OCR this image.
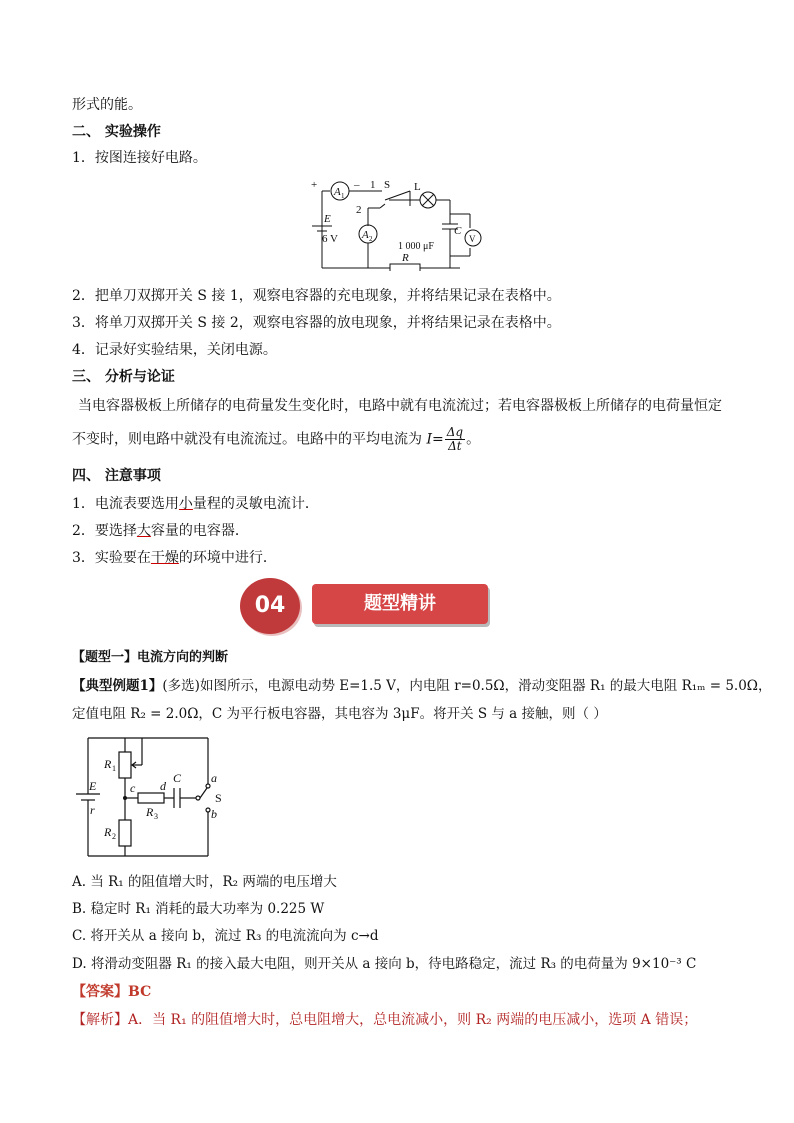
形式的能。
二、 实验操作
1．按图连接好电路。
+
A 1
– 1 S
2
L
E
6 V A 2
C
V
1 000 μF
R
2．把单刀双掷开关 S 接 1，观察电容器的充电现象，并将结果记录在表格中。
3．将单刀双掷开关 S 接 2，观察电容器的放电现象，并将结果记录在表格中。
4．记录好实验结果，关闭电源。
三、 分析与论证
当电容器极板上所储存的电荷量发生变化时，电路中就有电流流过；若电容器极板上所储存的电荷量恒定
不变时，则电路中就没有电流流过。电路中的平均电流为 $I= \frac{\Delta q}{\Delta t}$ 。
四、 注意事项
1．电流表要选用小量程的灵敏电流计．
2．要选择大容量的电容器．
3．实验要在干燥的环境中进行．
04	题型精讲
【题型一】电流方向的判断
【典型例题1】(多选)如图所示，电源电动势 E=1.5 V，内电阻 r=0.5Ω，滑动变阻器 R₁ 的最大电阻 R₁ₘ = 5.0Ω，
定值电阻 R₂ = 2.0Ω，C 为平行板电容器，其电容为 3μF。将开关 S 与 a 接触，则（ ）
R 1
E
r
c d
C a
S
b
R 3
R 2
A. 当 R₁ 的阻值增大时，R₂ 两端的电压增大
B. 稳定时 R₁ 消耗的最大功率为 0.225 W
C. 将开关从 a 接向 b，流过 R₃ 的电流流向为 c→d
D. 将滑动变阻器 R₁ 的接入最大电阻，则开关从 a 接向 b，待电路稳定，流过 R₃ 的电荷量为 9×10⁻³ C
【答案】BC
【解析】A．当 R₁ 的阻值增大时，总电阻增大，总电流减小，则 R₂ 两端的电压减小，选项 A 错误；
